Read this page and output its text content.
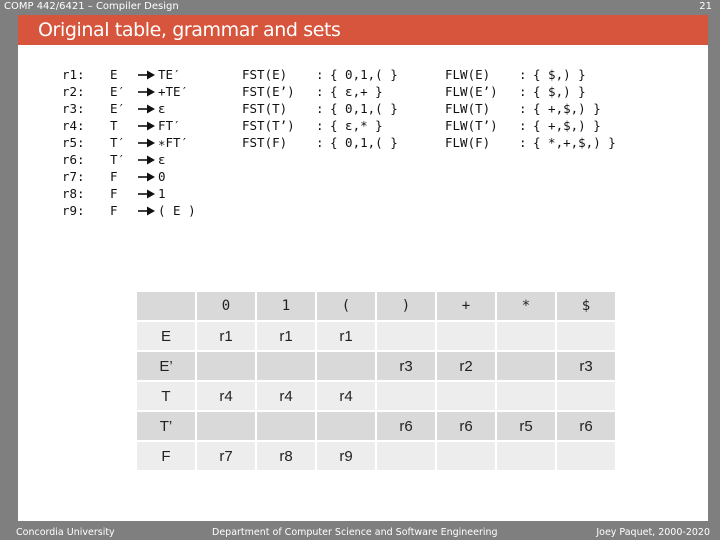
COMP 442/6421 – Compiler Design	21
Original table, grammar and sets
r1:	E	TE′
r2:	E′	+TE′
r3:	E′	ε
r4:	T	FT′
r5:	T′	∗FT′
r6:	T′	ε
r7:	F	0
r8:	F	1
r9:	F	( E )
FST(E) : { 0,1,( }
FST(E’) : { ε,+ }
FST(T) : { 0,1,( }
FST(T’) : { ε,* }
FST(F) : { 0,1,( }
FLW(E) : { $,) }
FLW(E’) : { $,) }
FLW(T) : { +,$,) }
FLW(T’) : { +,$,) }
FLW(F) : { *,+,$,) }
	0	1	(	)	+	*	$
E	r1	r1	r1				
E’				r3	r2		r3
T	r4	r4	r4				
T’				r6	r6	r5	r6
F	r7	r8	r9				
Concordia University	Department of Computer Science and Software Engineering	Joey Paquet, 2000-2020
